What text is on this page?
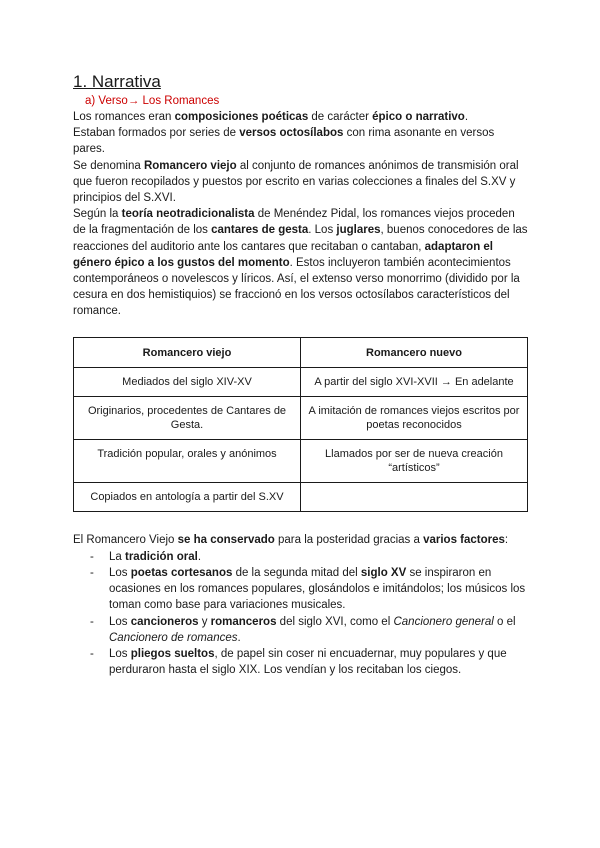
1. Narrativa
a) Verso→ Los Romances

Los romances eran composiciones poéticas de carácter épico o narrativo.

Estaban formados por series de versos octosílabos con rima asonante en versos pares.

Se denomina Romancero viejo al conjunto de romances anónimos de transmisión oral que fueron recopilados y puestos por escrito en varias colecciones a finales del S.XV y principios del S.XVI.

Según la teoría neotradicionalista de Menéndez Pidal, los romances viejos proceden de la fragmentación de los cantares de gesta. Los juglares, buenos conocedores de las reacciones del auditorio ante los cantares que recitaban o cantaban, adaptaron el género épico a los gustos del momento. Estos incluyeron también acontecimientos contemporáneos o novelescos y líricos. Así, el extenso verso monorrimo (dividido por la cesura en dos hemistiquios) se fraccionó en los versos octosílabos característicos del romance.

Romancero viejo	Romancero nuevo
Mediados del siglo XIV-XV	A partir del siglo XVI-XVII → En adelante
Originarios, procedentes de Cantares de Gesta.	A imitación de romances viejos escritos por poetas reconocidos
Tradición popular, orales y anónimos	Llamados por ser de nueva creación “artísticos”
Copiados en antología a partir del S.XV	

El Romancero Viejo se ha conservado para la posteridad gracias a varios factores:

- La tradición oral.
- Los poetas cortesanos de la segunda mitad del siglo XV se inspiraron en ocasiones en los romances populares, glosándolos e imitándolos; los músicos los toman como base para variaciones musicales.
- Los cancioneros y romanceros del siglo XVI, como el Cancionero general o el Cancionero de romances.
- Los pliegos sueltos, de papel sin coser ni encuadernar, muy populares y que perduraron hasta el siglo XIX. Los vendían y los recitaban los ciegos.
